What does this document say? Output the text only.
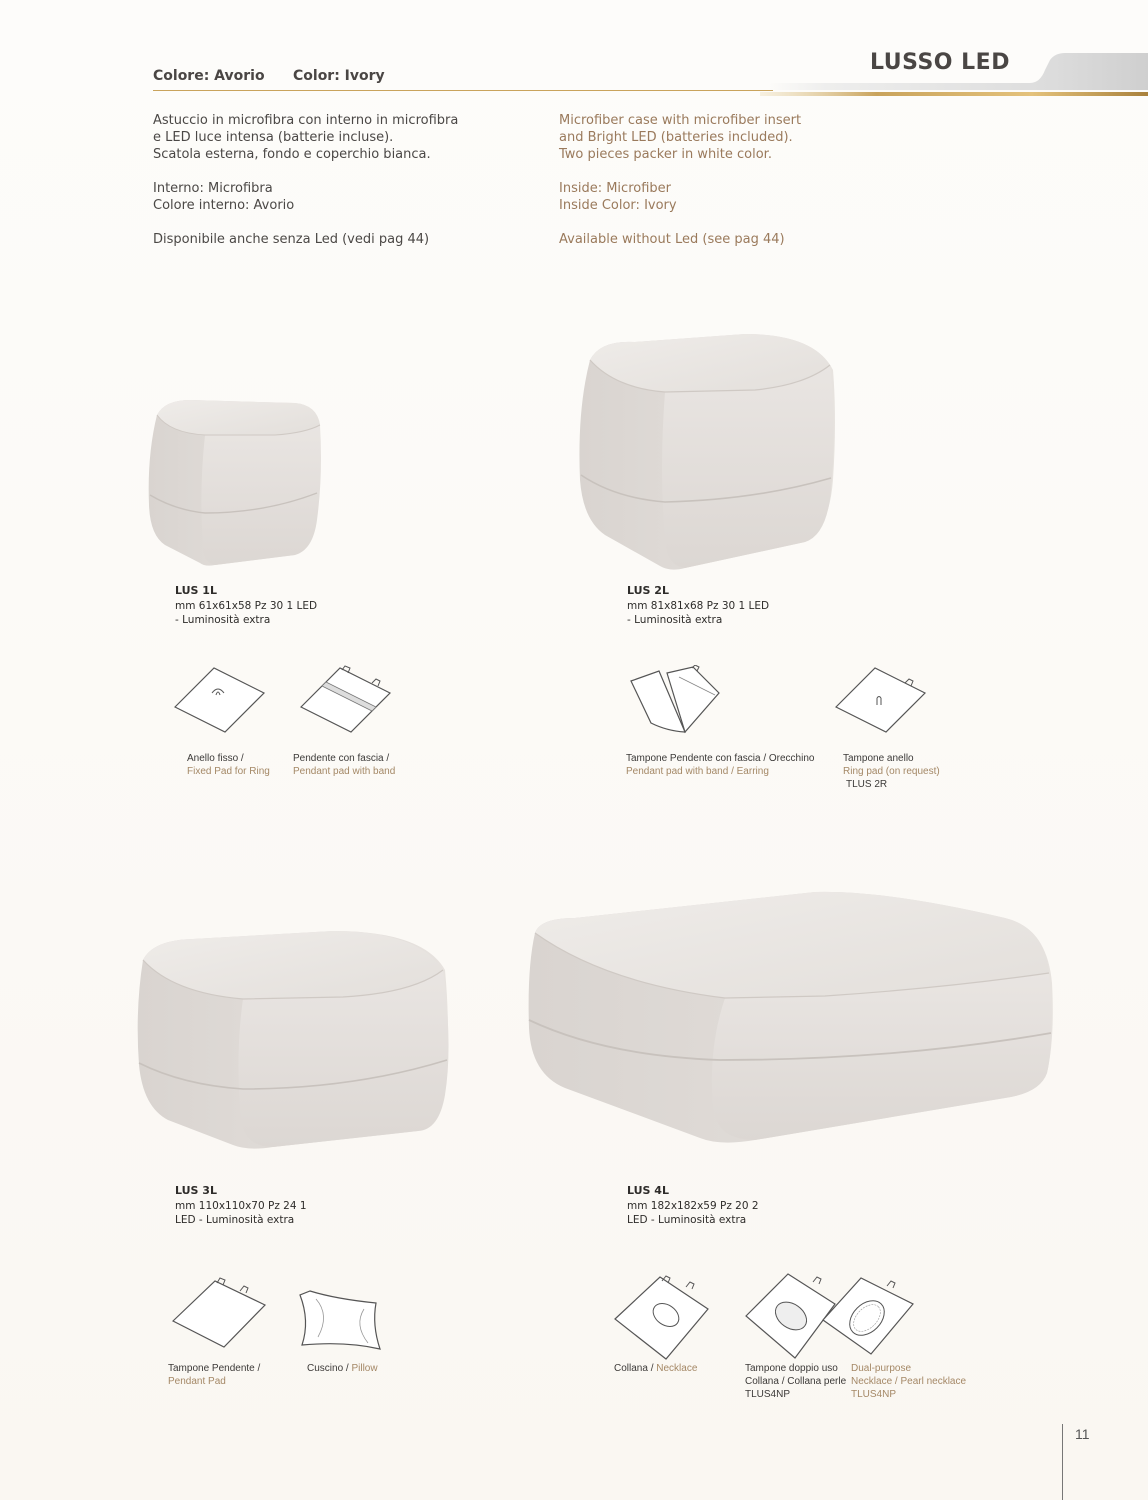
Colore: Avorio Color: Ivory
LUSSO LED

Astuccio in microfibra con interno in microfibra

e LED luce intensa (batterie incluse).

Scatola esterna, fondo e coperchio bianca.

Interno: Microfibra

Colore interno: Avorio

Disponibile anche senza Led (vedi pag 44)

Microfiber case with microfiber insert

and Bright LED (batteries included).

Two pieces packer in white color.

Inside: Microfiber

Inside Color: Ivory

Available without Led (see pag 44)

LUS 1L
mm 61x61x58 Pz 30 1 LED
- Luminosità extra
LUS 2L
mm 81x81x68 Pz 30 1 LED
- Luminosità extra
LUS 3L
mm 110x110x70 Pz 24 1
LED - Luminosità extra
LUS 4L
mm 182x182x59 Pz 20 2
LED - Luminosità extra
Anello fisso /
Fixed Pad for Ring
Pendente con fascia /
Pendant pad with band
Tampone Pendente con fascia / Orecchino
Pendant pad with band / Earring
Tampone anello
Ring pad (on request)
TLUS 2R
Tampone Pendente /
Pendant Pad
Cuscino / Pillow	Collana / Necklace	Tampone doppio uso
Collana / Collana perle
TLUS4NP
Dual-purpose
Necklace / Pearl necklace
TLUS4NP
11
